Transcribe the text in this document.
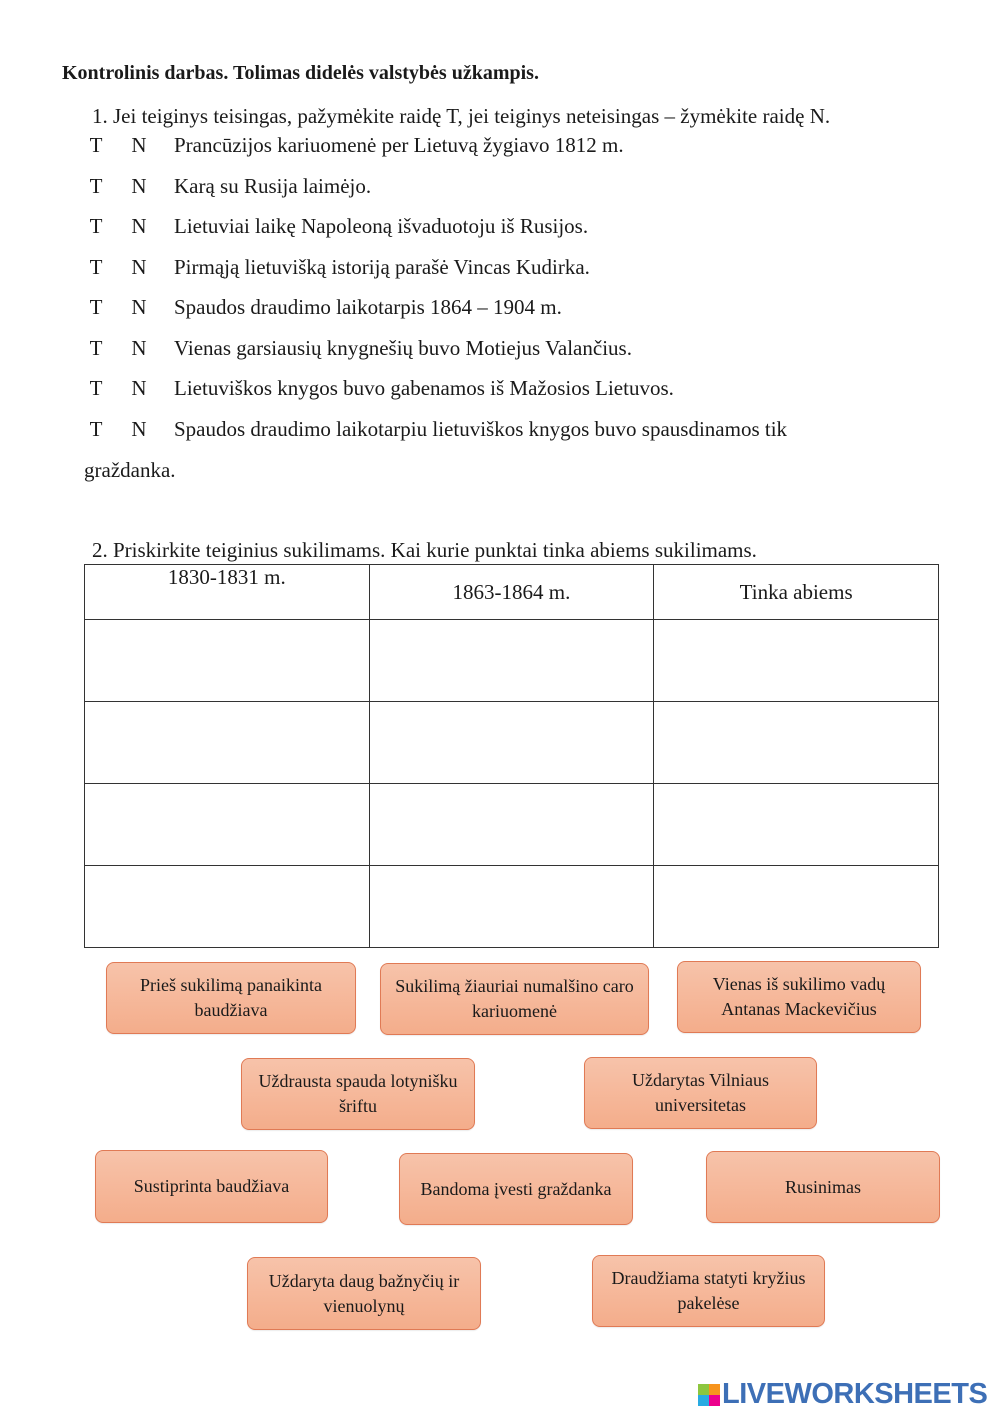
Kontrolinis darbas. Tolimas didelės valstybės užkampis.
1. Jei teiginys teisingas, pažymėkite raidę T, jei teiginys neteisingas – žymėkite raidę N.
T N Prancūzijos kariuomenė per Lietuvą žygiavo 1812 m.
T N Karą su Rusija laimėjo.
T N Lietuviai laikę Napoleoną išvaduotoju iš Rusijos.
T N Pirmąją lietuvišką istoriją parašė Vincas Kudirka.
T N Spaudos draudimo laikotarpis 1864 – 1904 m.
T N Vienas garsiausių knygnešių buvo Motiejus Valančius.
T N Lietuviškos knygos buvo gabenamos iš Mažosios Lietuvos.
T N Spaudos draudimo laikotarpiu lietuviškos knygos buvo spausdinamos tik
graždanka.
2. Priskirkite teiginius sukilimams. Kai kurie punktai tinka abiems sukilimams.
1830-1831 m.	1863-1864 m.	Tinka abiems

Prieš sukilimą panaikinta baudžiava
Sukilimą žiauriai numalšino caro kariuomenė
Vienas iš sukilimo vadų Antanas Mackevičius
Uždrausta spauda lotynišku šriftu
Uždarytas Vilniaus universitetas
Sustiprinta baudžiava	Bandoma įvesti graždanka	Rusinimas
Uždaryta daug bažnyčių ir vienuolynų
Draudžiama statyti kryžius pakelėse
LIVEWORKSHEETS
